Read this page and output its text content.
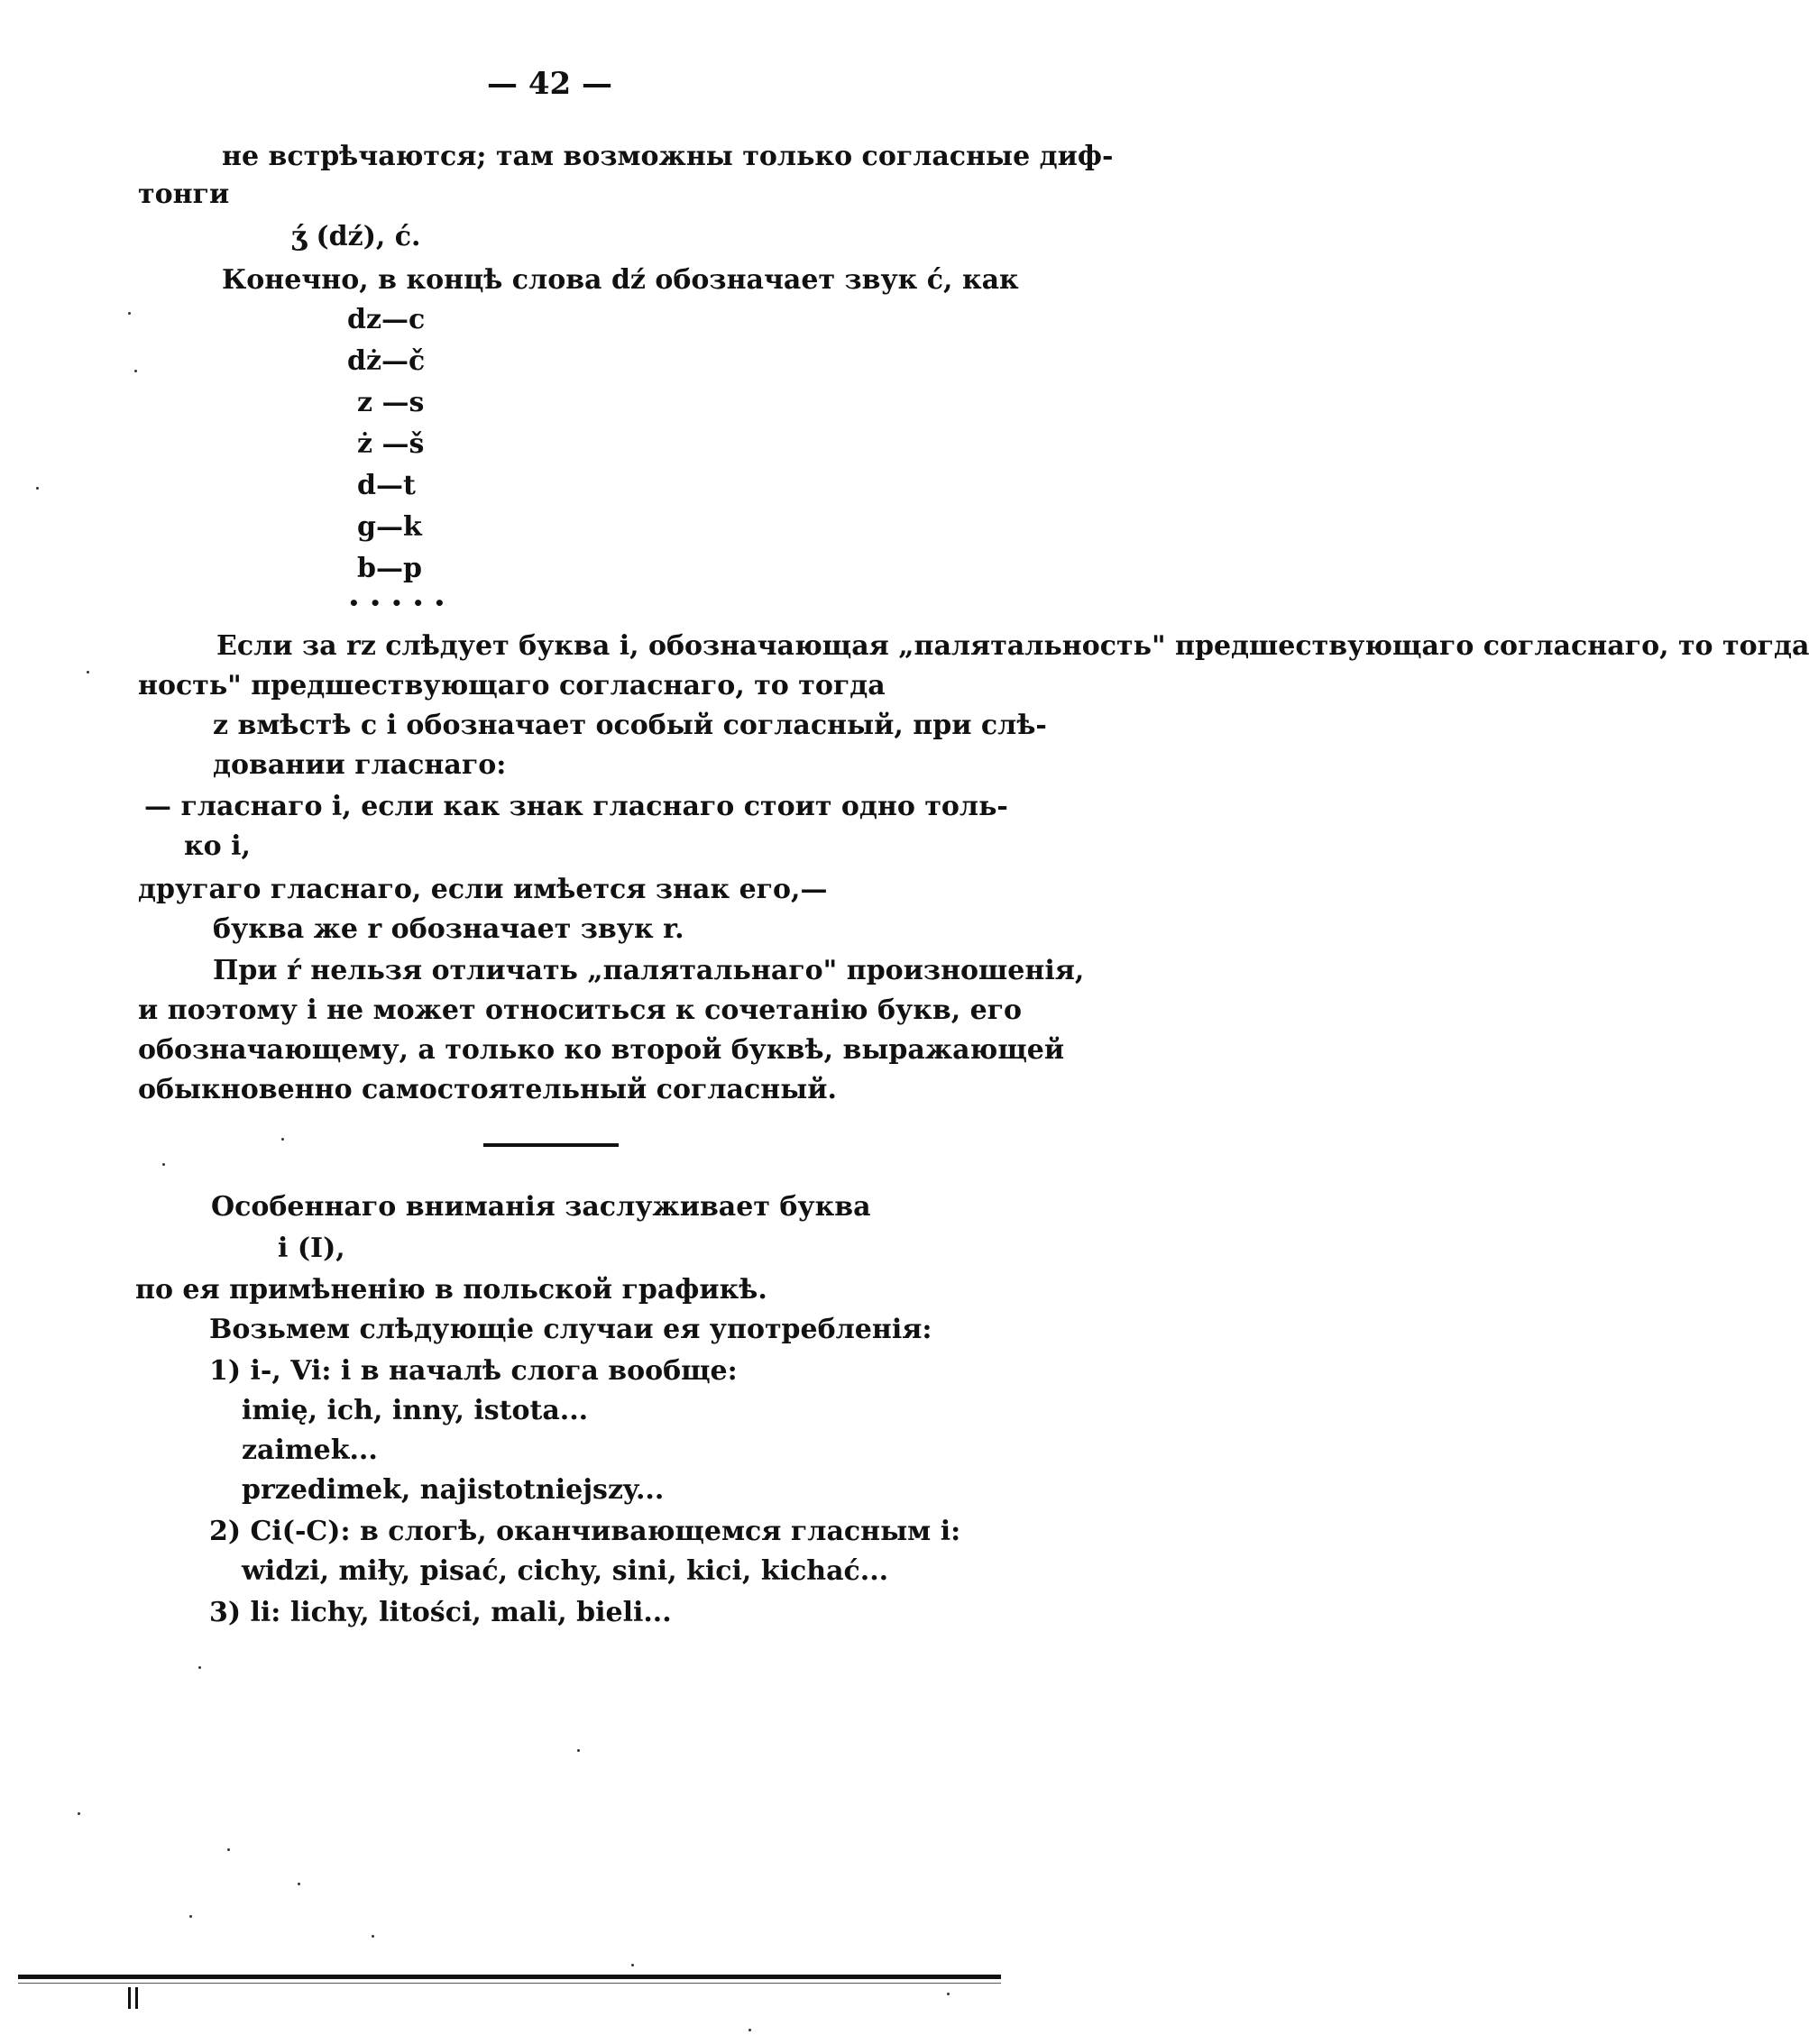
— 42 —
не встрѣчаются; там возможны только согласные диф-
тонги
ʒ́ (dź), ć.
Конечно, в концѣ слова dź обозначает звук ć, как
dz—c
dż—č
z —s
ż —š
d—t
g—k
b—p
• • • • •
Если за rz слѣдует буква i, обозначающая „палятальность" предшествующаго согласнаго, то тогда
ность" предшествующаго согласнаго, то тогда
z вмѣстѣ с i обозначает особый согласный, при слѣ-
довании гласнаго:
— гласнаго i, если как знак гласнаго стоит одно толь-
ко i,
другаго гласнаго, если имѣется знак его,—
буква же r обозначает звук r.
При ŕ нельзя отличать „палятальнаго" произношенія,
и поэтому i не может относиться к сочетанію букв, его
обозначающему, а только ко второй буквѣ, выражающей
обыкновенно самостоятельный согласный.
Особеннаго вниманія заслуживает буква
i (I),
по ея примѣненію в польской графикѣ.
Возьмем слѣдующіе случаи ея употребленія:
1) i-, Vi: i в началѣ слога вообще:
imię, ich, inny, istota...
zaimek...
przedimek, najistotniejszy...
2) Ci(-C): в слогѣ, оканчивающемся гласным i:
widzi, miły, pisać, cichy, sini, kici, kichać...
3) li: lichy, litości, mali, bieli...
